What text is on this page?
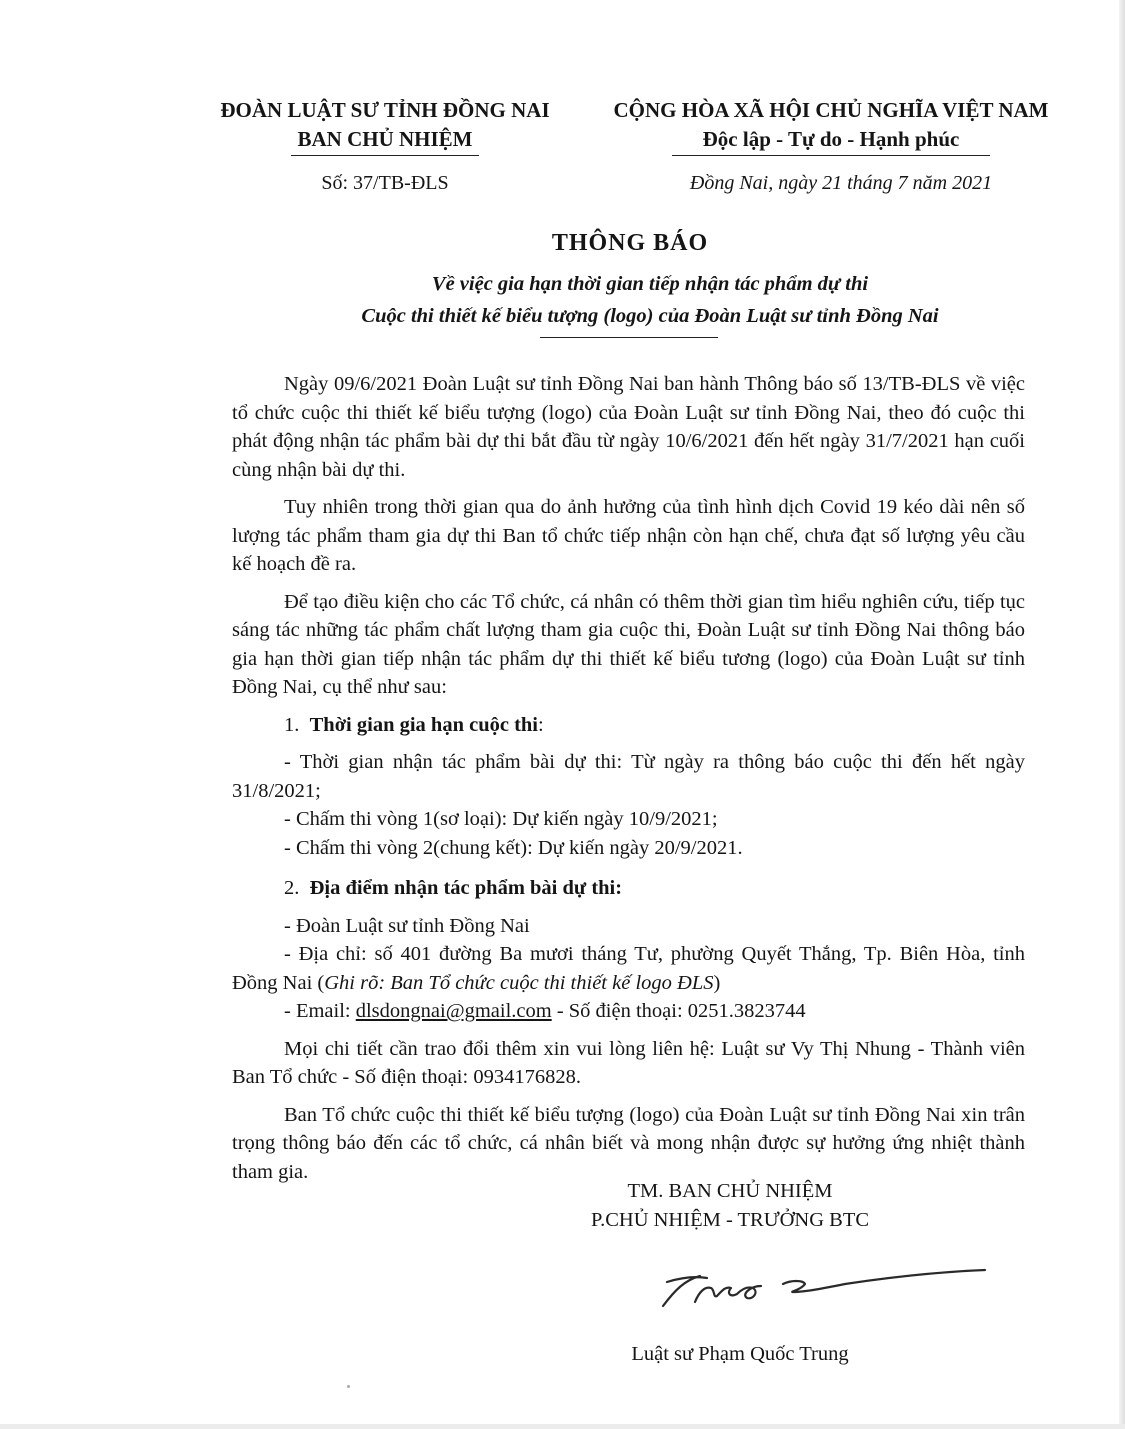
ĐOÀN LUẬT SƯ TỈNH ĐỒNG NAI
BAN CHỦ NHIỆM
CỘNG HÒA XÃ HỘI CHỦ NGHĨA VIỆT NAM
Độc lập - Tự do - Hạnh phúc
Số: 37/TB-ĐLS	Đồng Nai, ngày 21 tháng 7 năm 2021
THÔNG BÁO
Về việc gia hạn thời gian tiếp nhận tác phẩm dự thi
Cuộc thi thiết kế biểu tượng (logo) của Đoàn Luật sư tỉnh Đồng Nai

Ngày 09/6/2021 Đoàn Luật sư tỉnh Đồng Nai ban hành Thông báo số 13/TB-ĐLS về việc tổ chức cuộc thi thiết kế biểu tượng (logo) của Đoàn Luật sư tỉnh Đồng Nai, theo đó cuộc thi phát động nhận tác phẩm bài dự thi bắt đầu từ ngày 10/6/2021 đến hết ngày 31/7/2021 hạn cuối cùng nhận bài dự thi.

Tuy nhiên trong thời gian qua do ảnh hưởng của tình hình dịch Covid 19 kéo dài nên số lượng tác phẩm tham gia dự thi Ban tổ chức tiếp nhận còn hạn chế, chưa đạt số lượng yêu cầu kế hoạch đề ra.

Để tạo điều kiện cho các Tổ chức, cá nhân có thêm thời gian tìm hiểu nghiên cứu, tiếp tục sáng tác những tác phẩm chất lượng tham gia cuộc thi, Đoàn Luật sư tỉnh Đồng Nai thông báo gia hạn thời gian tiếp nhận tác phẩm dự thi thiết kế biểu tương (logo) của Đoàn Luật sư tỉnh Đồng Nai, cụ thể như sau:

1. Thời gian gia hạn cuộc thi:

- Thời gian nhận tác phẩm bài dự thi: Từ ngày ra thông báo cuộc thi đến hết ngày 31/8/2021;

- Chấm thi vòng 1(sơ loại): Dự kiến ngày 10/9/2021;

- Chấm thi vòng 2(chung kết): Dự kiến ngày 20/9/2021.

2. Địa điểm nhận tác phẩm bài dự thi:

- Đoàn Luật sư tỉnh Đồng Nai

- Địa chỉ: số 401 đường Ba mươi tháng Tư, phường Quyết Thắng, Tp. Biên Hòa, tỉnh Đồng Nai (Ghi rõ: Ban Tổ chức cuộc thi thiết kế logo ĐLS)

- Email: dlsdongnai@gmail.com - Số điện thoại: 0251.3823744

Mọi chi tiết cần trao đổi thêm xin vui lòng liên hệ: Luật sư Vy Thị Nhung - Thành viên Ban Tổ chức - Số điện thoại: 0934176828.

Ban Tổ chức cuộc thi thiết kế biểu tượng (logo) của Đoàn Luật sư tỉnh Đồng Nai xin trân trọng thông báo đến các tổ chức, cá nhân biết và mong nhận được sự hưởng ứng nhiệt thành tham gia.

TM. BAN CHỦ NHIỆM
P.CHỦ NHIỆM - TRƯỞNG BTC
Luật sư Phạm Quốc Trung
